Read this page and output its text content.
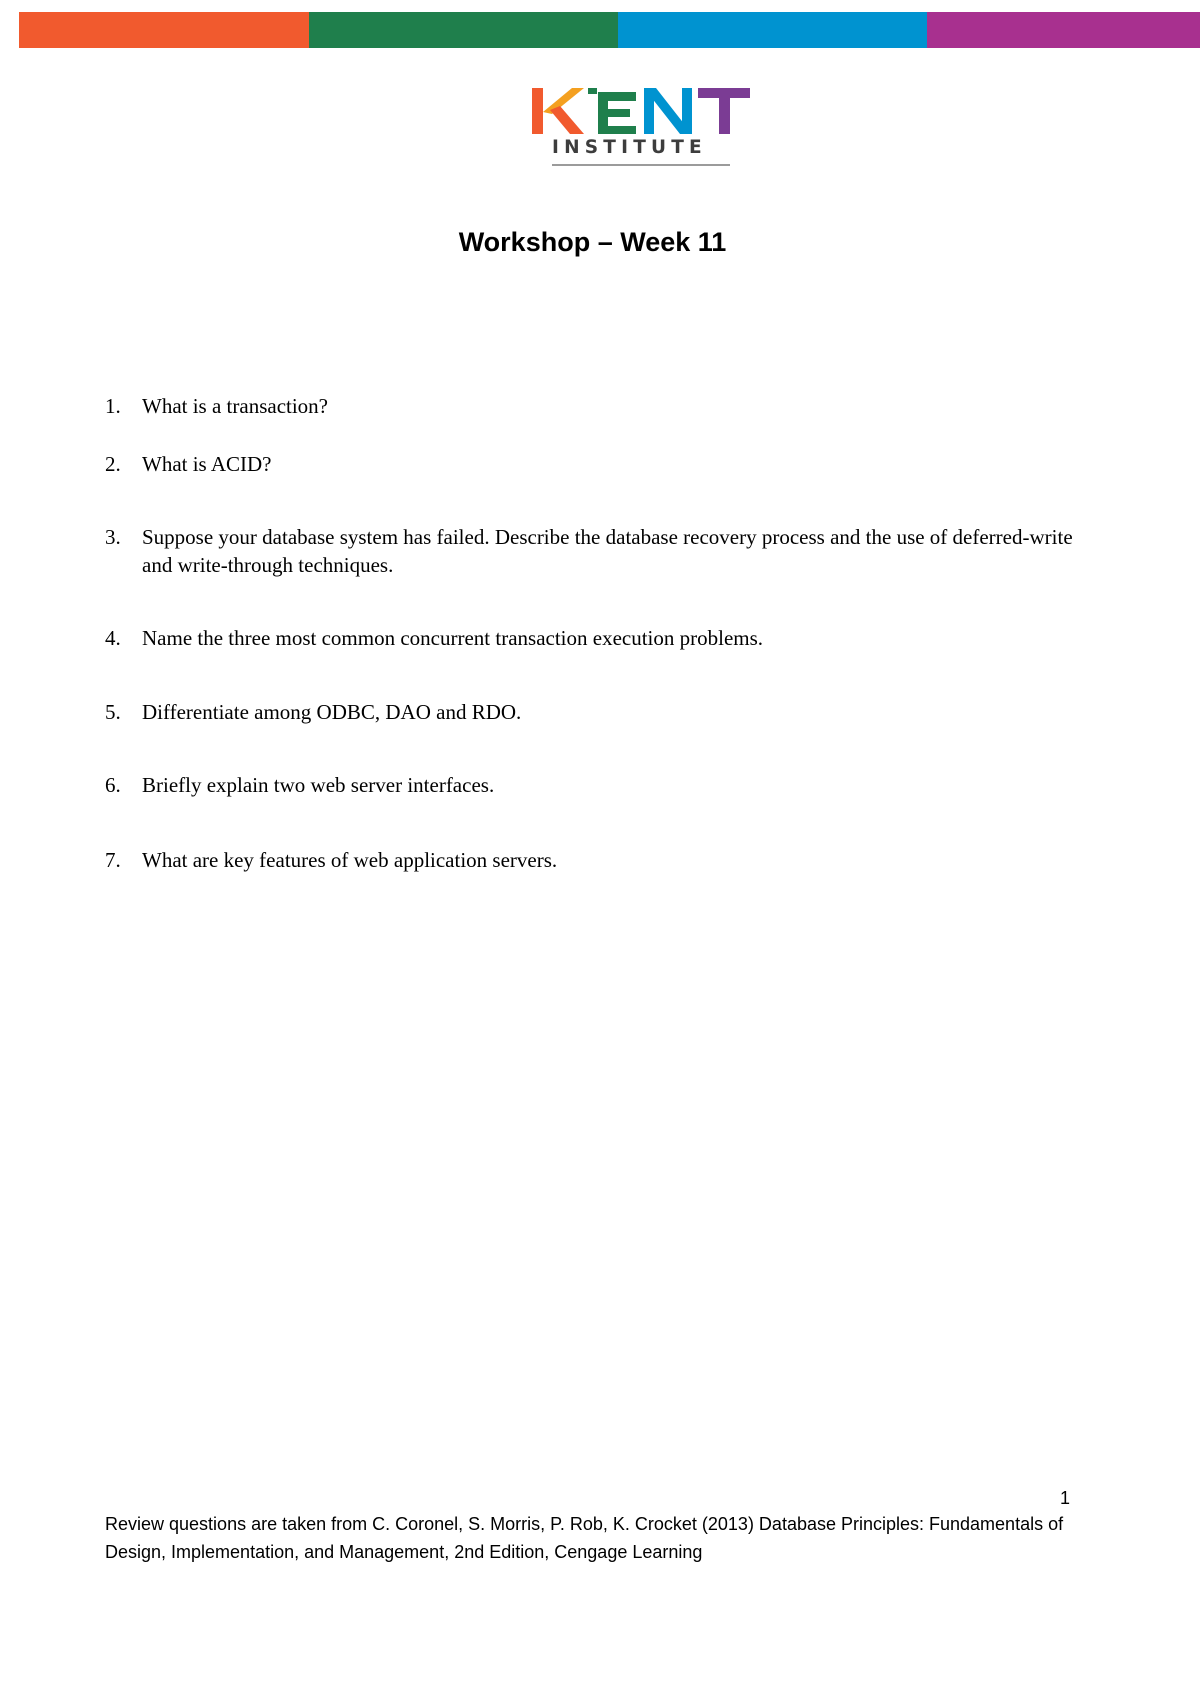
INSTITUTE
Workshop – Week 11
1.	What is a transaction?
2.	What is ACID?
3.	Suppose your database system has failed. Describe the database recovery process and the use of deferred-write and write-through techniques.
4.	Name the three most common concurrent transaction execution problems.
5.	Differentiate among ODBC, DAO and RDO.
6.	Briefly explain two web server interfaces.
7.	What are key features of web application servers.
1
Review questions are taken from C. Coronel, S. Morris, P. Rob, K. Crocket (2013) Database Principles: Fundamentals of Design, Implementation, and Management, 2nd Edition, Cengage Learning
